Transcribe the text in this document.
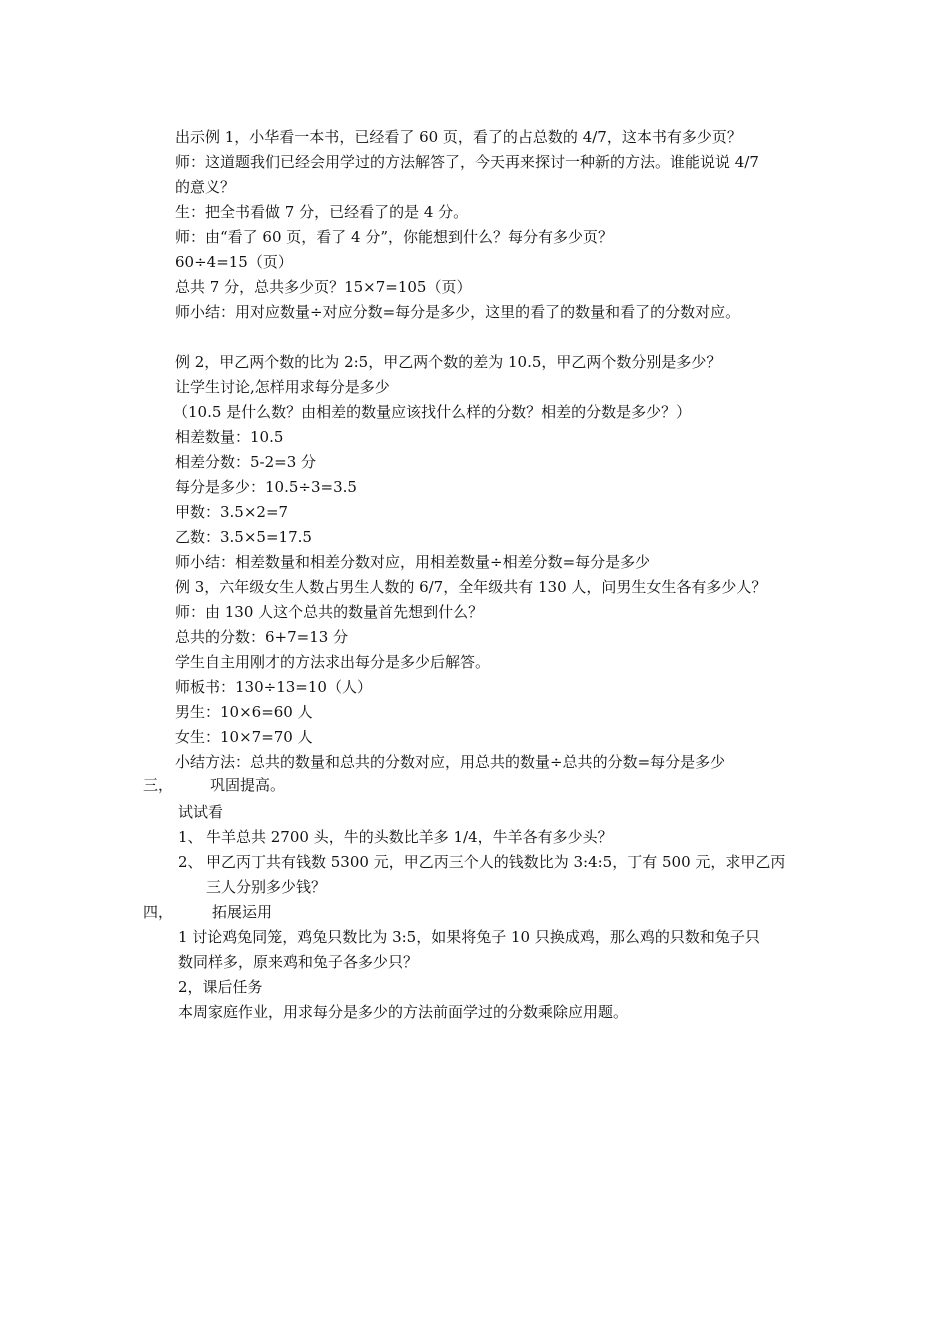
出示例 1，小华看一本书，已经看了 60 页，看了的占总数的 4/7，这本书有多少页？
师：这道题我们已经会用学过的方法解答了，今天再来探讨一种新的方法。谁能说说 4/7
的意义？
生：把全书看做 7 分，已经看了的是 4 分。
师：由“看了 60 页，看了 4 分”，你能想到什么？每分有多少页？
60÷4=15（页）
总共 7 分，总共多少页？15×7=105（页）
师小结：用对应数量÷对应分数=每分是多少，这里的看了的数量和看了的分数对应。
例 2，甲乙两个数的比为 2:5，甲乙两个数的差为 10.5，甲乙两个数分别是多少？
让学生讨论,怎样用求每分是多少
（10.5 是什么数？由相差的数量应该找什么样的分数？相差的分数是多少？）
相差数量：10.5
相差分数：5-2=3 分
每分是多少：10.5÷3=3.5
甲数：3.5×2=7
乙数：3.5×5=17.5
师小结：相差数量和相差分数对应，用相差数量÷相差分数=每分是多少
例 3，六年级女生人数占男生人数的 6/7，全年级共有 130 人，问男生女生各有多少人？
师：由 130 人这个总共的数量首先想到什么？
总共的分数：6+7=13 分
学生自主用刚才的方法求出每分是多少后解答。
师板书：130÷13=10（人）
男生：10×6=60 人
女生：10×7=70 人
小结方法：总共的数量和总共的分数对应，用总共的数量÷总共的分数=每分是多少
三， 巩固提高。
试试看
1、 牛羊总共 2700 头，牛的头数比羊多 1/4，牛羊各有多少头？
2、 甲乙丙丁共有钱数 5300 元，甲乙丙三个人的钱数比为 3:4:5，丁有 500 元，求甲乙丙
三人分别多少钱？
四，	拓展运用
1 讨论鸡兔同笼，鸡兔只数比为 3:5，如果将兔子 10 只换成鸡，那么鸡的只数和兔子只
数同样多，原来鸡和兔子各多少只？
2，课后任务
本周家庭作业，用求每分是多少的方法前面学过的分数乘除应用题。
